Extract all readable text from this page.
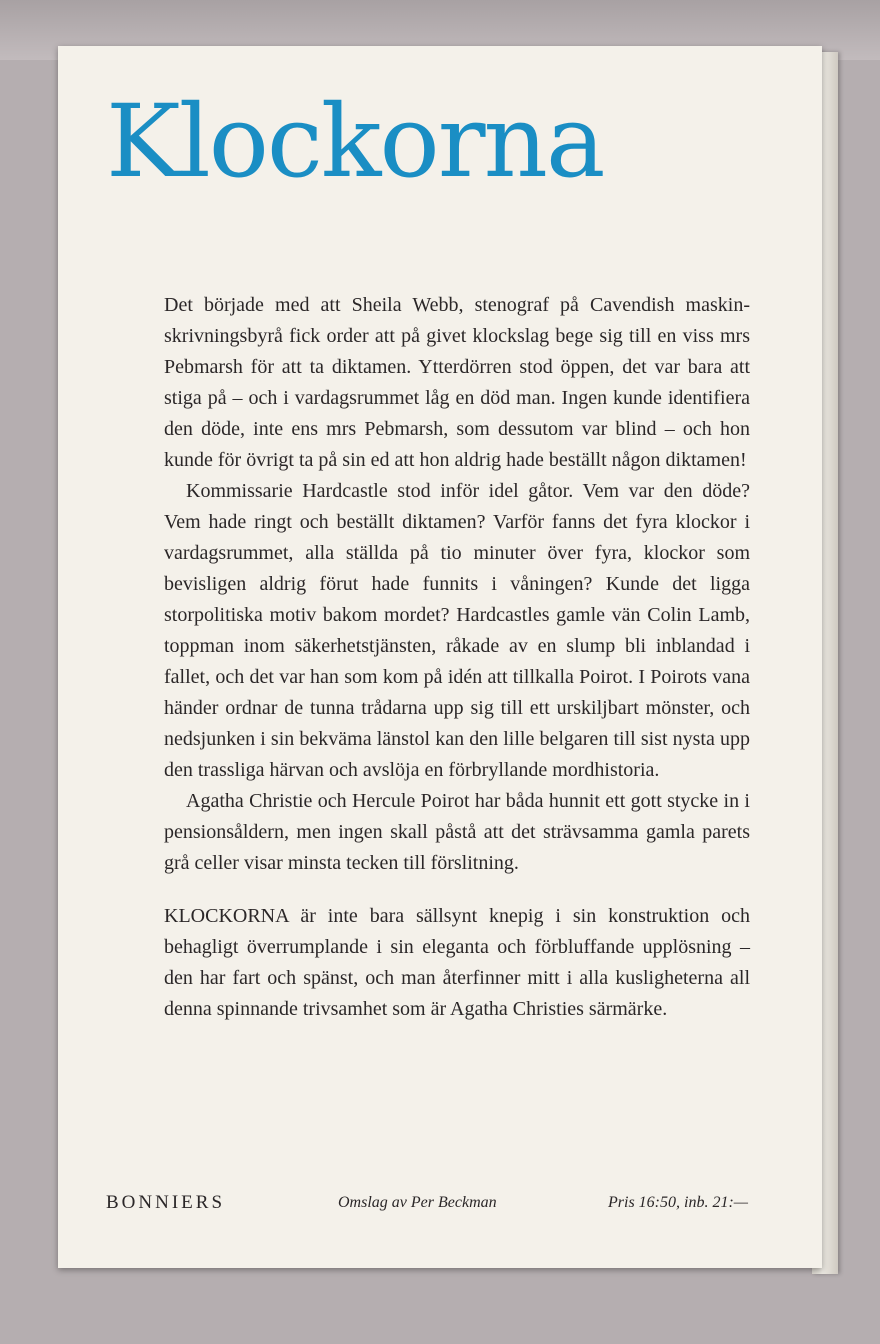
Klockorna

Det började med att Sheila Webb, stenograf på Cavendish maskinskrivningsbyrå fick order att på givet klockslag bege sig till en viss mrs Pebmarsh för att ta diktamen. Ytterdörren stod öppen, det var bara att stiga på – och i vardagsrummet låg en död man. Ingen kunde identifiera den döde, inte ens mrs Pebmarsh, som dessutom var blind – och hon kunde för övrigt ta på sin ed att hon aldrig hade beställt någon diktamen!

Kommissarie Hardcastle stod inför idel gåtor. Vem var den döde? Vem hade ringt och beställt diktamen? Varför fanns det fyra klockor i vardagsrummet, alla ställda på tio minuter över fyra, klockor som bevisligen aldrig förut hade funnits i våningen? Kunde det ligga storpolitiska motiv bakom mordet? Hardcastles gamle vän Colin Lamb, toppman inom säkerhetstjänsten, råkade av en slump bli inblandad i fallet, och det var han som kom på idén att tillkalla Poirot. I Poirots vana händer ordnar de tunna trådarna upp sig till ett urskiljbart mönster, och nedsjunken i sin bekväma länstol kan den lille belgaren till sist nysta upp den trassliga härvan och avslöja en förbryllande mordhistoria.

Agatha Christie och Hercule Poirot har båda hunnit ett gott stycke in i pensionsåldern, men ingen skall påstå att det strävsamma gamla parets grå celler visar minsta tecken till förslitning.

KLOCKORNA är inte bara sällsynt knepig i sin konstruktion och behagligt överrumplande i sin eleganta och förbluffande upplösning – den har fart och spänst, och man återfinner mitt i alla kusligheterna all denna spinnande trivsamhet som är Agatha Christies särmärke.

BONNIERS	Omslag av Per Beckman	Pris 16:50, inb. 21:—
